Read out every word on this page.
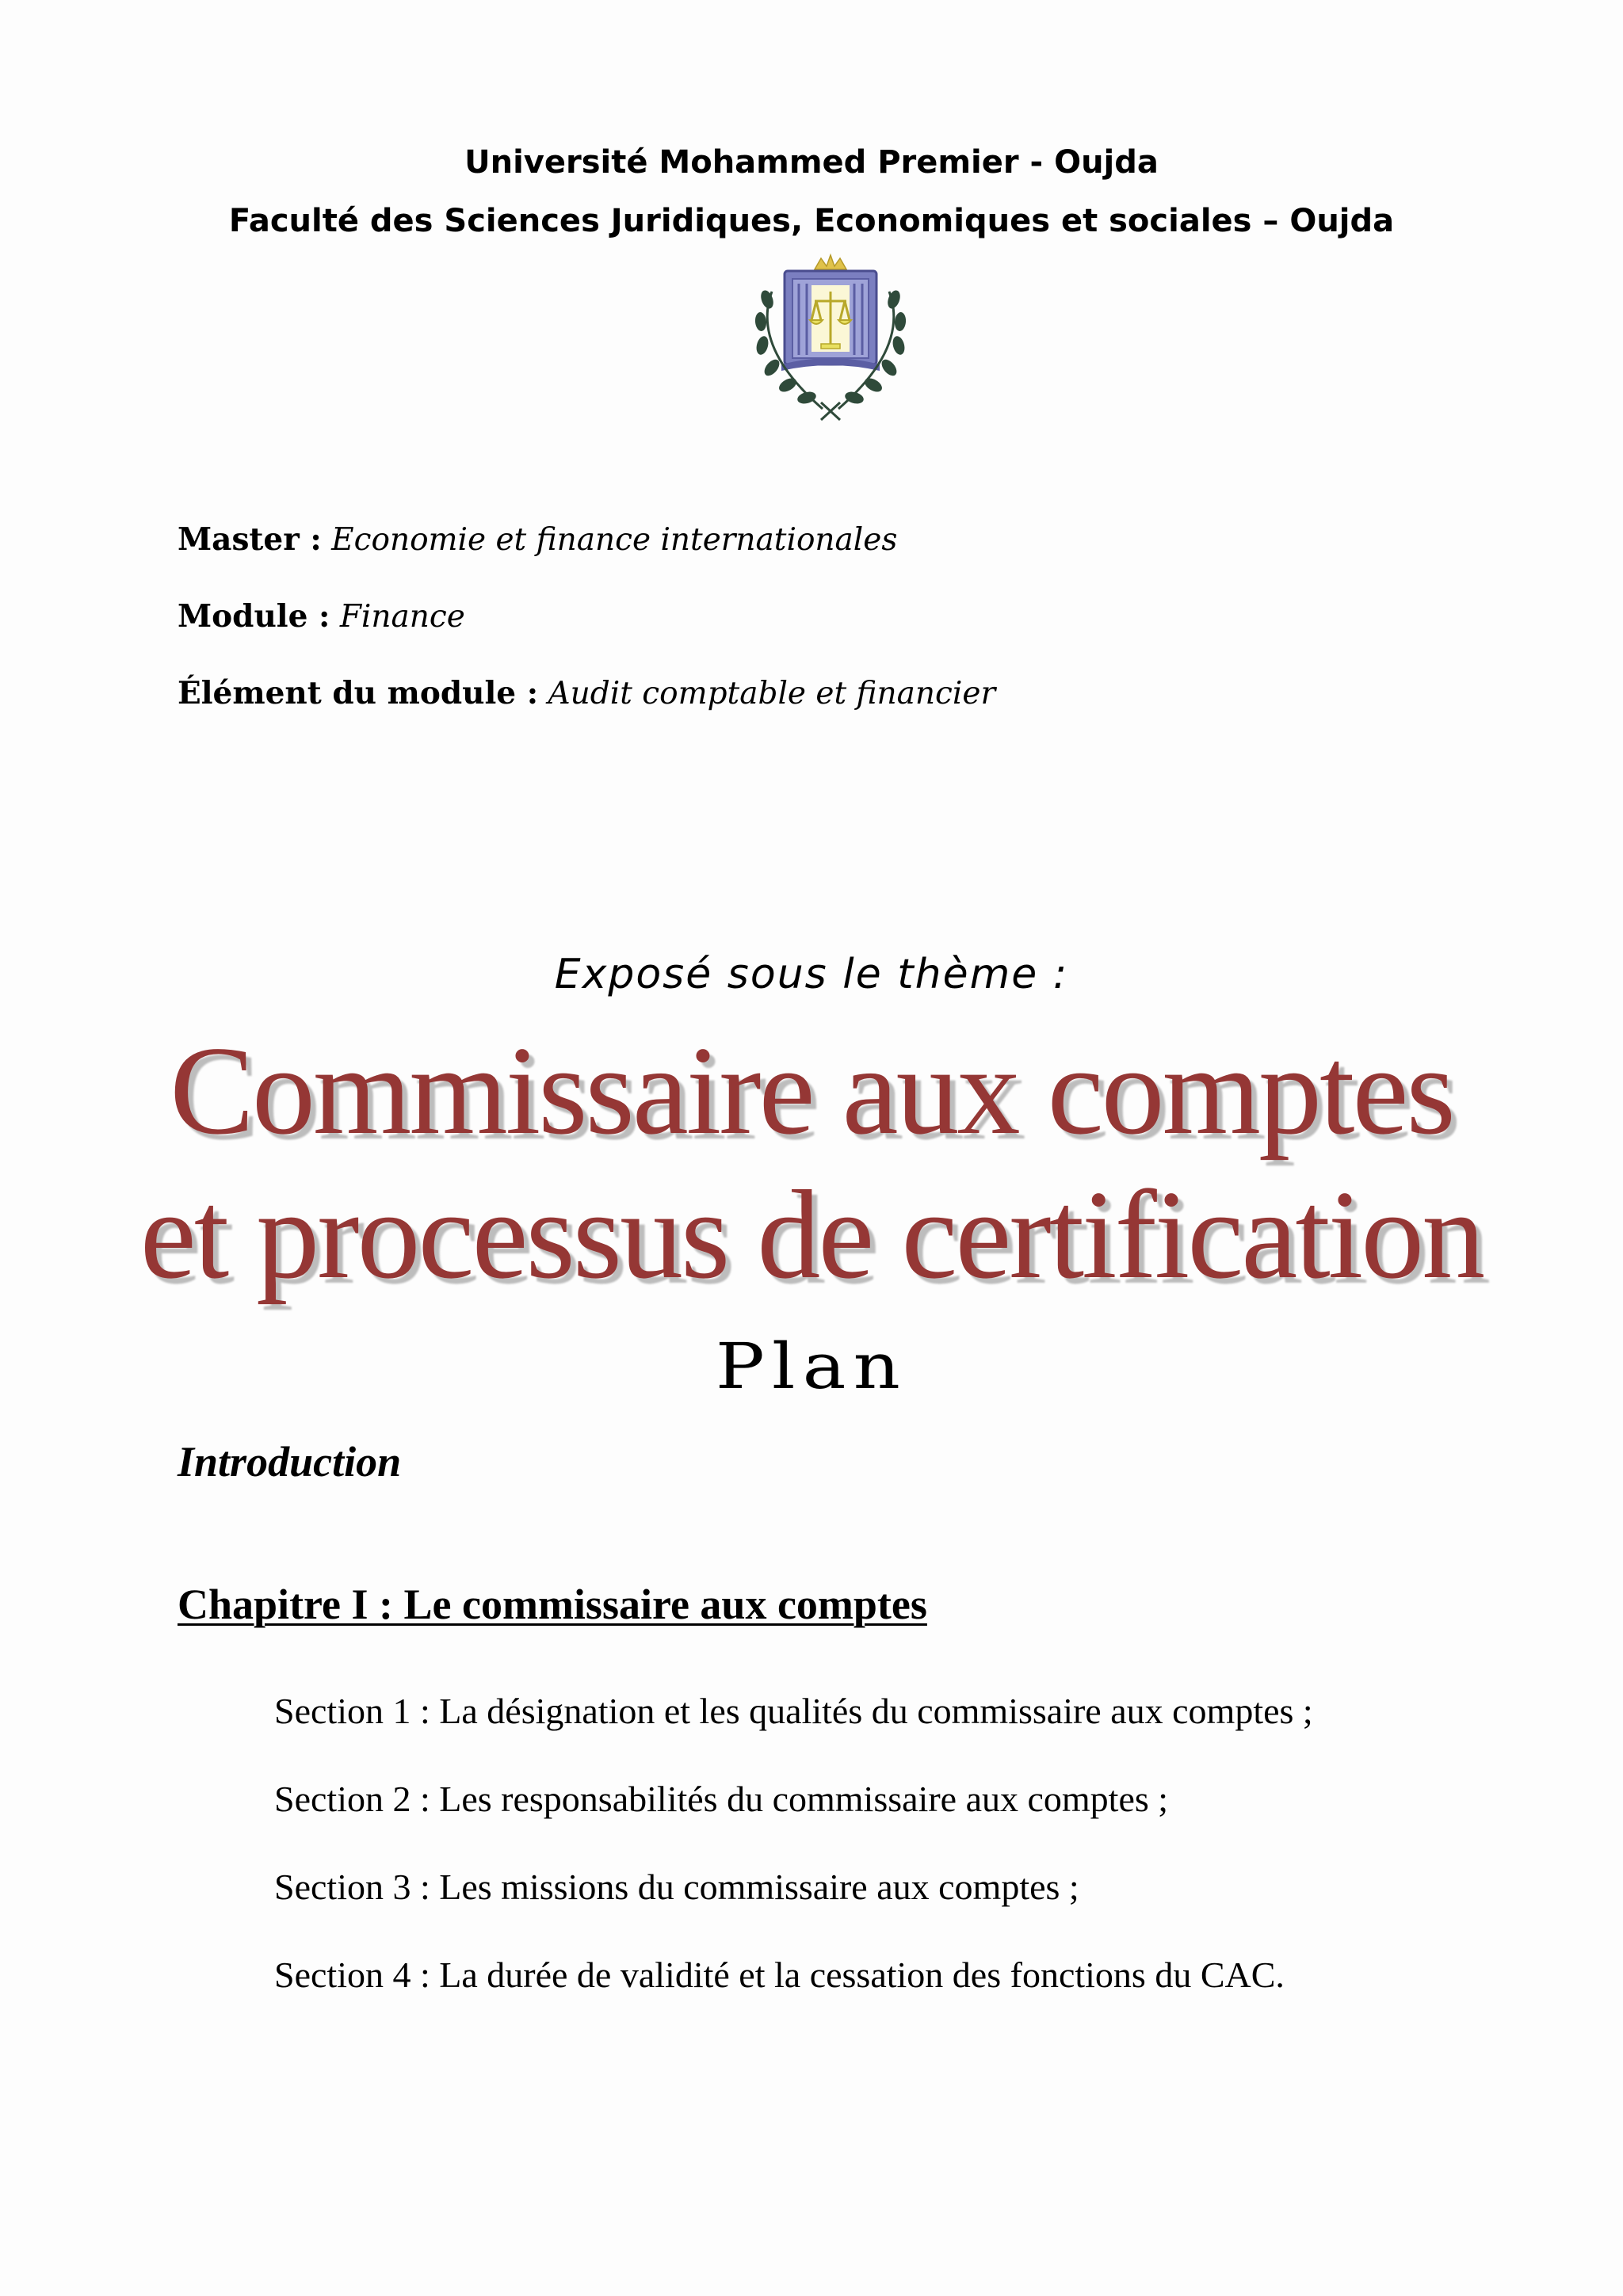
Université Mohammed Premier - Oujda
Faculté des Sciences Juridiques, Economiques et sociales – Oujda
Master : Economie et finance internationales
Module : Finance
Élément du module : Audit comptable et financier
Exposé sous le thème :
Commissaire aux comptes
et processus de certification
Plan
Introduction
Chapitre I : Le commissaire aux comptes
Section 1 : La désignation et les qualités du commissaire aux comptes ;
Section 2 : Les responsabilités du commissaire aux comptes ;
Section 3 : Les missions du commissaire aux comptes ;
Section 4 : La durée de validité et la cessation des fonctions du CAC.
